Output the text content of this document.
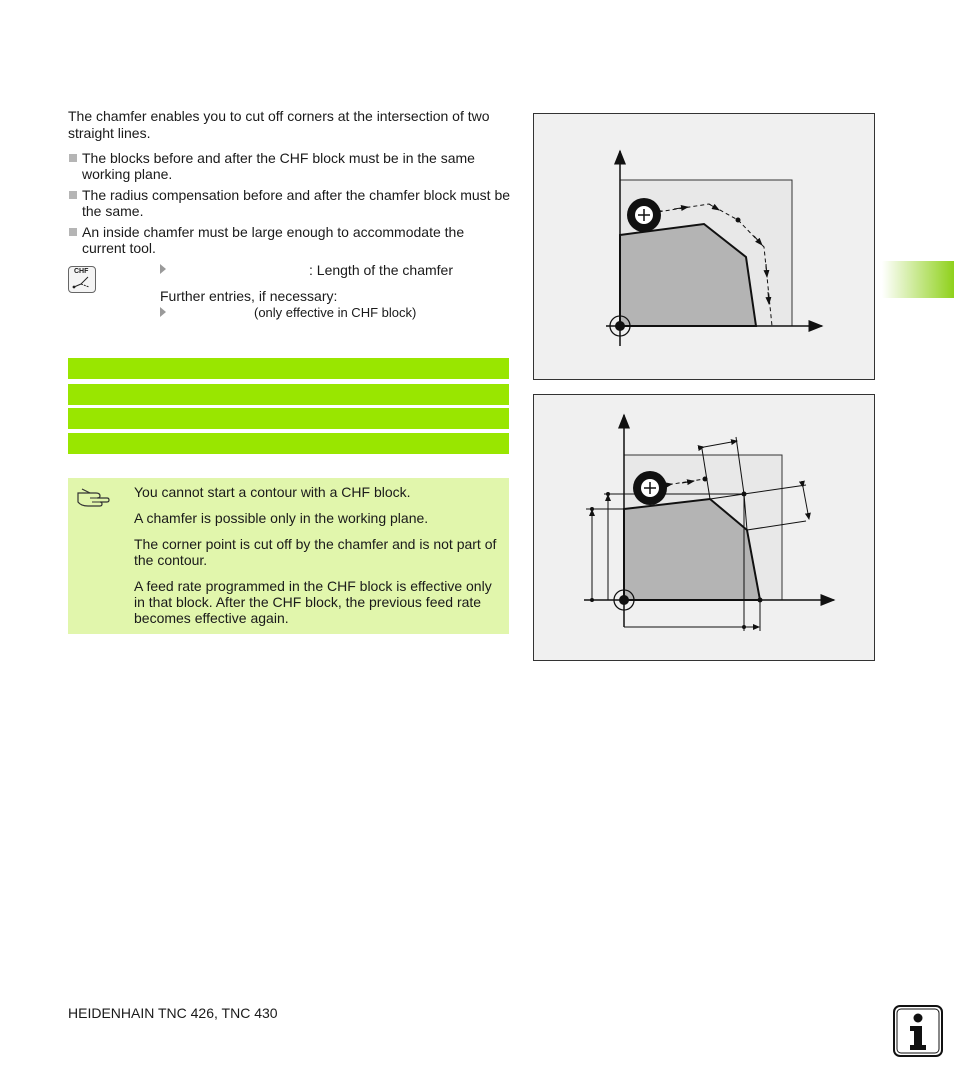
The chamfer enables you to cut off corners at the intersection of two straight lines.

The blocks before and after the CHF block must be in the same working plane.
The radius compensation before and after the chamfer block must be the same.
An inside chamfer must be large enough to accommodate the current tool.
CHF	: Length of the chamfer
Further entries, if necessary:
(only effective in CHF block)

You cannot start a contour with a CHF block.

A chamfer is possible only in the working plane.

The corner point is cut off by the chamfer and is not part of the contour.

A feed rate programmed in the CHF block is effective only in that block. After the CHF block, the previous feed rate becomes effective again.

HEIDENHAIN TNC 426, TNC 430
